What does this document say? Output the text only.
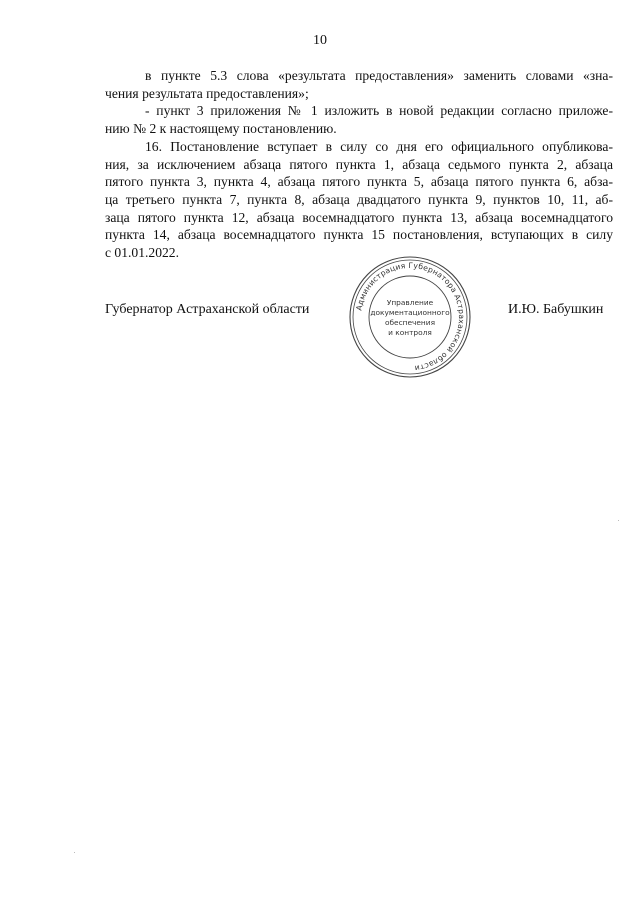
10
в пункте 5.3 слова «результата предоставления» заменить словами «зна-
чения результата предоставления»;
- пункт 3 приложения № 1 изложить в новой редакции согласно приложе-
нию № 2 к настоящему постановлению.
16. Постановление вступает в силу со дня его официального опубликова-
ния, за исключением абзаца пятого пункта 1, абзаца седьмого пункта 2, абзаца
пятого пункта 3, пункта 4, абзаца пятого пункта 5, абзаца пятого пункта 6, абза-
ца третьего пункта 7, пункта 8, абзаца двадцатого пункта 9, пунктов 10, 11, аб-
заца пятого пункта 12, абзаца восемнадцатого пункта 13, абзаца восемнадцатого
пункта 14, абзаца восемнадцатого пункта 15 постановления, вступающих в силу
с 01.01.2022.
Губернатор Астраханской области	И.Ю. Бабушкин
Администрация Губернатора Астраханской области
Управление
документационного
обеспечения
и контроля
